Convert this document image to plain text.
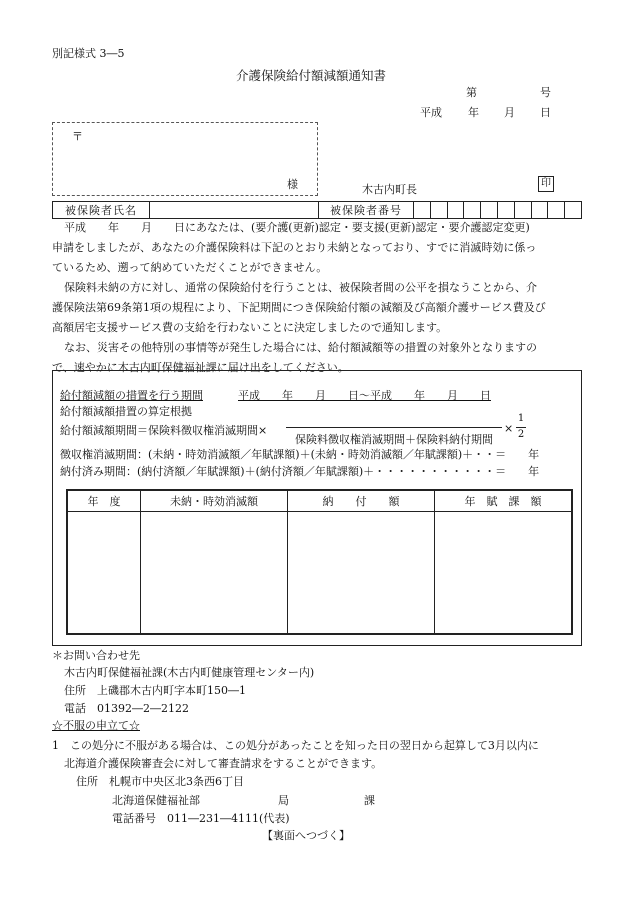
別記様式 3―5
介護保険給付額減額通知書
第	号
平成 年 月 日
〒
様	木古内町長	印
被保険者氏名		被保険者番号										
平成　　年　　月　　日にあなたは、(要介護(更新)認定・要支援(更新)認定・要介護認定変更)
申請をしましたが、あなたの介護保険料は下記のとおり未納となっており、すでに消滅時効に係っ
ているため、遡って納めていただくことができません。
保険料未納の方に対し、通常の保険給付を行うことは、被保険者間の公平を損なうことから、介
護保険法第69条第1項の規程により、下記期間につき保険給付額の減額及び高額介護サービス費及び
高額居宅支援サービス費の支給を行わないことに決定しましたので通知します。
なお、災害その他特別の事情等が発生した場合には、給付額減額等の措置の対象外となりますの
で、速やかに木古内町保健福祉課に届け出をしてください。
給付額減額の措置を行う期間	平成　　年　　月　　日～平成　　年　　月　　日
給付額減額措置の算定根拠
給付額減額期間＝保険料徴収権消滅期間×
保険料徴収権消滅期間＋保険料納付期間
×
1
2
徴収権消滅期間：(未納・時効消滅額／年賦課額)＋(未納・時効消滅額／年賦課額)＋・・＝　　年
納付済み期間：(納付済額／年賦課額)＋(納付済額／年賦課額)＋・・・・・・・・・・・＝　　年
年　度	未納・時効消滅額	納　　付　　額	年　賦　課　額

＊お問い合わせ先
木古内町保健福祉課(木古内町健康管理センター内)
住所　上磯郡木古内町字本町150―1
電話　01392―2―2122
☆不服の申立て☆
1　この処分に不服がある場合は、この処分があったことを知った日の翌日から起算して3月以内に
北海道介護保険審査会に対して審査請求をすることができます。
住所　札幌市中央区北3条西6丁目
北海道保健福祉部	局	課
電話番号　011―231―4111(代表)
【裏面へつづく】
